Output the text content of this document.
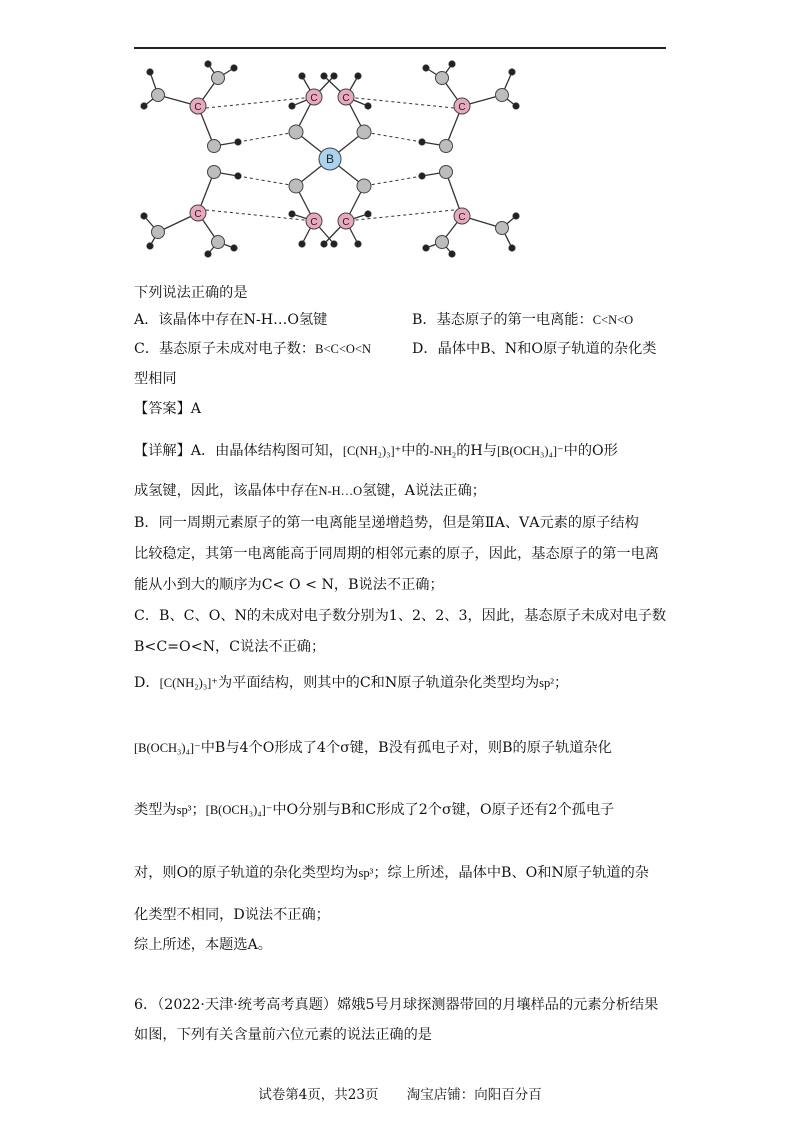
C
C
C
C
C C
C C
B
下列说法正确的是
A．该晶体中存在N-H…O氢键	B．基态原子的第一电离能：C<N<O
C．基态原子未成对电子数：B<C<O<N	D．晶体中B、N和O原子轨道的杂化类
型相同
【答案】A
【详解】A．由晶体结构图可知，[C(NH₂)₃]⁺中的-NH₂的H与[B(OCH₃)₄]⁻中的O形
成氢键，因此，该晶体中存在N-H…O氢键，A说法正确；
B．同一周期元素原子的第一电离能呈递增趋势，但是第ⅡA、ⅤA元素的原子结构
比较稳定，其第一电离能高于同周期的相邻元素的原子，因此，基态原子的第一电离
能从小到大的顺序为C< O < N，B说法不正确；
C．B、C、O、N的未成对电子数分别为1、2、2、3，因此，基态原子未成对电子数
B<C=O<N，C说法不正确；
D．[C(NH₂)₃]⁺为平面结构，则其中的C和N原子轨道杂化类型均为sp²；
[B(OCH₃)₄]⁻中B与4个O形成了4个σ键，B没有孤电子对，则B的原子轨道杂化
类型为sp³；[B(OCH₃)₄]⁻中O分别与B和C形成了2个σ键，O原子还有2个孤电子
对，则O的原子轨道的杂化类型均为sp³；综上所述，晶体中B、O和N原子轨道的杂
化类型不相同，D说法不正确；
综上所述，本题选A。
6．（2022·天津·统考高考真题）嫦娥5号月球探测器带回的月壤样品的元素分析结果
如图，下列有关含量前六位元素的说法正确的是
试卷第4页，共23页 淘宝店铺：向阳百分百
